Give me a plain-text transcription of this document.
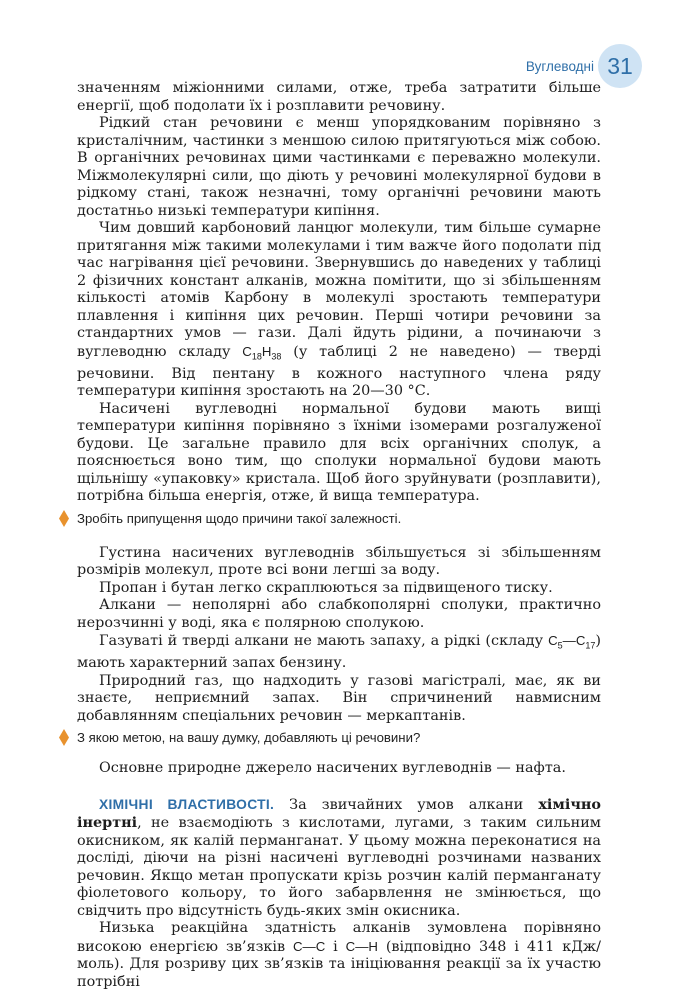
Вуглеводні 31

значенням міжіонними силами, отже, треба затратити більше енергії, щоб подолати їх і розплавити речовину.

Рідкий стан речовини є менш упорядкованим порівняно з кристалічним, частинки з меншою силою притягуються між собою. В органічних речовинах цими частинками є переважно молекули. Міжмолекулярні сили, що діють у речовині молекулярної будови в рідкому стані, також незначні, тому органічні речовини мають достатньо низькі температури кипіння.

Чим довший карбоновий ланцюг молекули, тим більше сумарне притягання між такими молекулами і тим важче його подолати під час нагрівання цієї речовини. Звернувшись до наведених у таблиці 2 фізичних констант алканів, можна помітити, що зі збільшенням кількості атомів Карбону в молекулі зростають температури плавлення і кипіння цих речовин. Перші чотири речовини за стандартних умов — гази. Далі йдуть рідини, а починаючи з вуглеводню складу $C_{18}H_{38}$ (у таблиці 2 не наведено) — тверді речовини. Від пентану в кожного наступного члена ряду температури кипіння зростають на 20—30 °С.

Насичені вуглеводні нормальної будови мають вищі температури кипіння порівняно з їхніми ізомерами розгалуженої будови. Це загальне правило для всіх органічних сполук, а пояснюється воно тим, що сполуки нормальної будови мають щільнішу «упаковку» кристала. Щоб його зруйнувати (розплавити), потрібна більша енергія, отже, й вища температура.

Зробіть припущення щодо причини такої залежності.

Густина насичених вуглеводнів збільшується зі збільшенням розмірів молекул, проте всі вони легші за воду.

Пропан і бутан легко скраплюються за підвищеного тиску.

Алкани — неполярні або слабкополярні сполуки, практично нерозчинні у воді, яка є полярною сполукою.

Газуваті й тверді алкани не мають запаху, а рідкі (складу $C_5—C_{17}$) мають характерний запах бензину.

Природний газ, що надходить у газові магістралі, має, як ви знаєте, неприємний запах. Він спричинений навмисним добавлянням спеціальних речовин — меркаптанів.

З якою метою, на вашу думку, добавляють ці речовини?

Основне природне джерело насичених вуглеводнів — нафта.

ХІМІЧНІ ВЛАСТИВОСТІ. За звичайних умов алкани хімічно інертні, не взаємодіють з кислотами, лугами, з таким сильним окисником, як калій перманганат. У цьому можна переконатися на досліді, діючи на різні насичені вуглеводні розчинами названих речовин. Якщо метан пропускати крізь розчин калій перманганату фіолетового кольору, то його забарвлення не змінюється, що свідчить про відсутність будь-яких змін окисника.

Низька реакційна здатність алканів зумовлена порівняно високою енергією зв’язків C—C і C—H (відповідно 348 і 411 кДж/моль). Для розриву цих зв’язків та ініціювання реакції за їх участю потрібні
